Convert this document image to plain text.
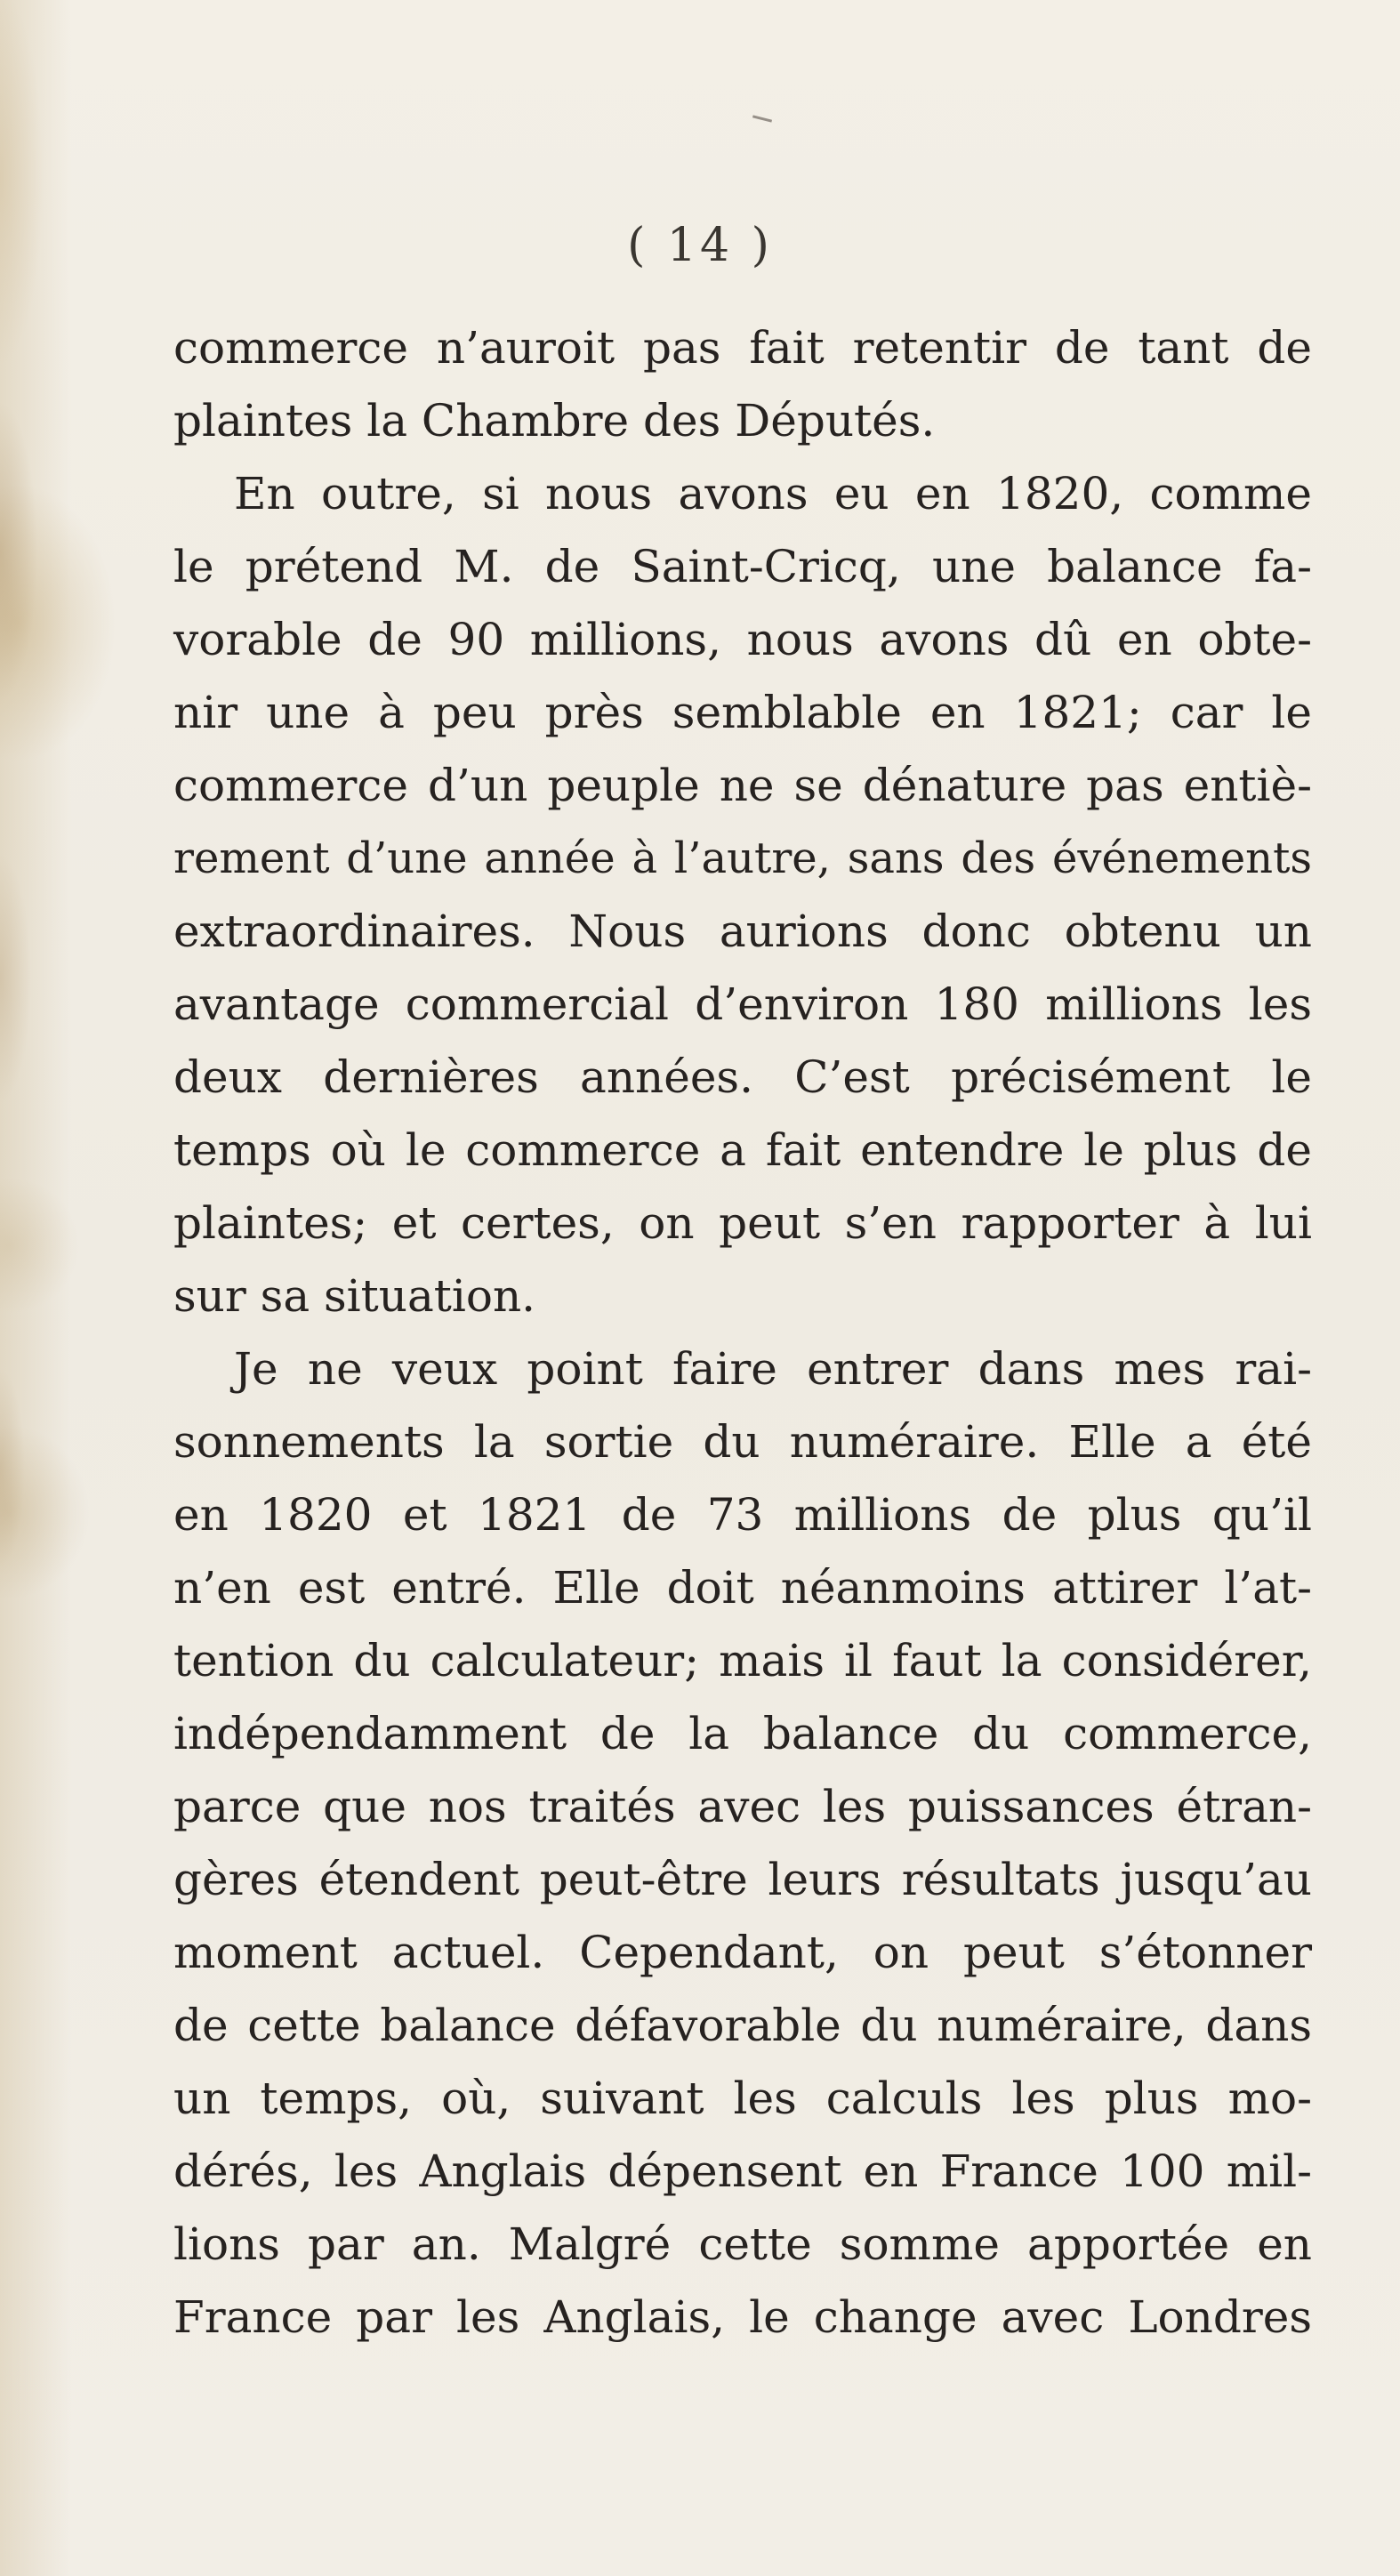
( 14 )
commerce n’auroit pas fait retentir de tant de
plaintes la Chambre des Députés.
En outre, si nous avons eu en 1820, comme
le prétend M. de Saint-Cricq, une balance fa-
vorable de 90 millions, nous avons dû en obte-
nir une à peu près semblable en 1821; car le
commerce d’un peuple ne se dénature pas entiè-
rement d’une année à l’autre, sans des événements
extraordinaires. Nous aurions donc obtenu un
avantage commercial d’environ 180 millions les
deux dernières années. C’est précisément le
temps où le commerce a fait entendre le plus de
plaintes; et certes, on peut s’en rapporter à lui
sur sa situation.
Je ne veux point faire entrer dans mes rai-
sonnements la sortie du numéraire. Elle a été
en 1820 et 1821 de 73 millions de plus qu’il
n’en est entré. Elle doit néanmoins attirer l’at-
tention du calculateur; mais il faut la considérer,
indépendamment de la balance du commerce,
parce que nos traités avec les puissances étran-
gères étendent peut-être leurs résultats jusqu’au
moment actuel. Cependant, on peut s’étonner
de cette balance défavorable du numéraire, dans
un temps, où, suivant les calculs les plus mo-
dérés, les Anglais dépensent en France 100 mil-
lions par an. Malgré cette somme apportée en
France par les Anglais, le change avec Londres
